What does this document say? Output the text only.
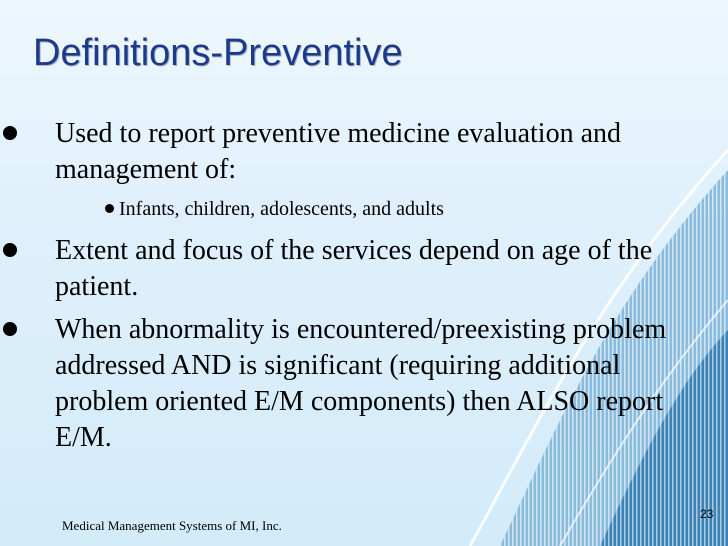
Definitions-Preventive
Used to report preventive medicine evaluation and management of:
Infants, children, adolescents, and adults
Extent and focus of the services depend on age of the patient.
When abnormality is encountered/preexisting problem addressed AND is significant (requiring additional problem oriented E/M components) then ALSO report E/M.
Medical Management Systems of MI, Inc.
23
